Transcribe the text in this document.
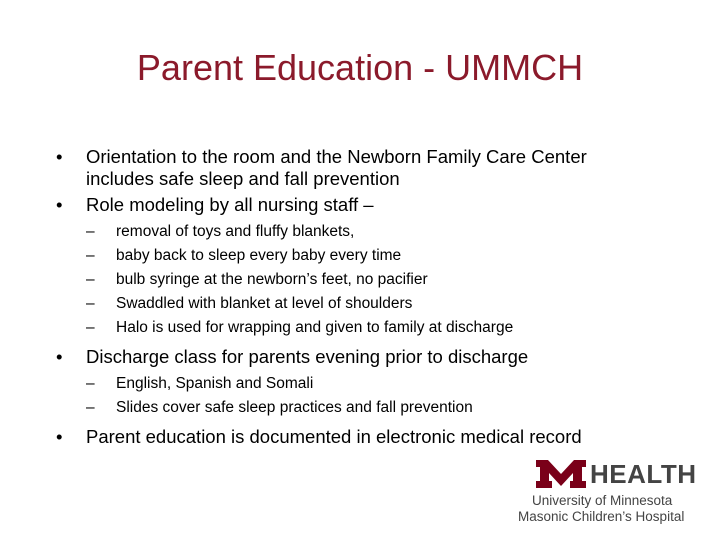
Parent Education - UMMCH
•	Orientation to the room and the Newborn Family Care Center
includes safe sleep and fall prevention
•	Role modeling by all nursing staff –
–	removal of toys and fluffy blankets,
–	baby back to sleep every baby every time
–	bulb syringe at the newborn’s feet, no pacifier
–	Swaddled with blanket at level of shoulders
–	Halo is used for wrapping and given to family at discharge
•	Discharge class for parents evening prior to discharge
–	English, Spanish and Somali
–	Slides cover safe sleep practices and fall prevention
•	Parent education is documented in electronic medical record
HEALTH
University of Minnesota
Masonic Children’s Hospital
